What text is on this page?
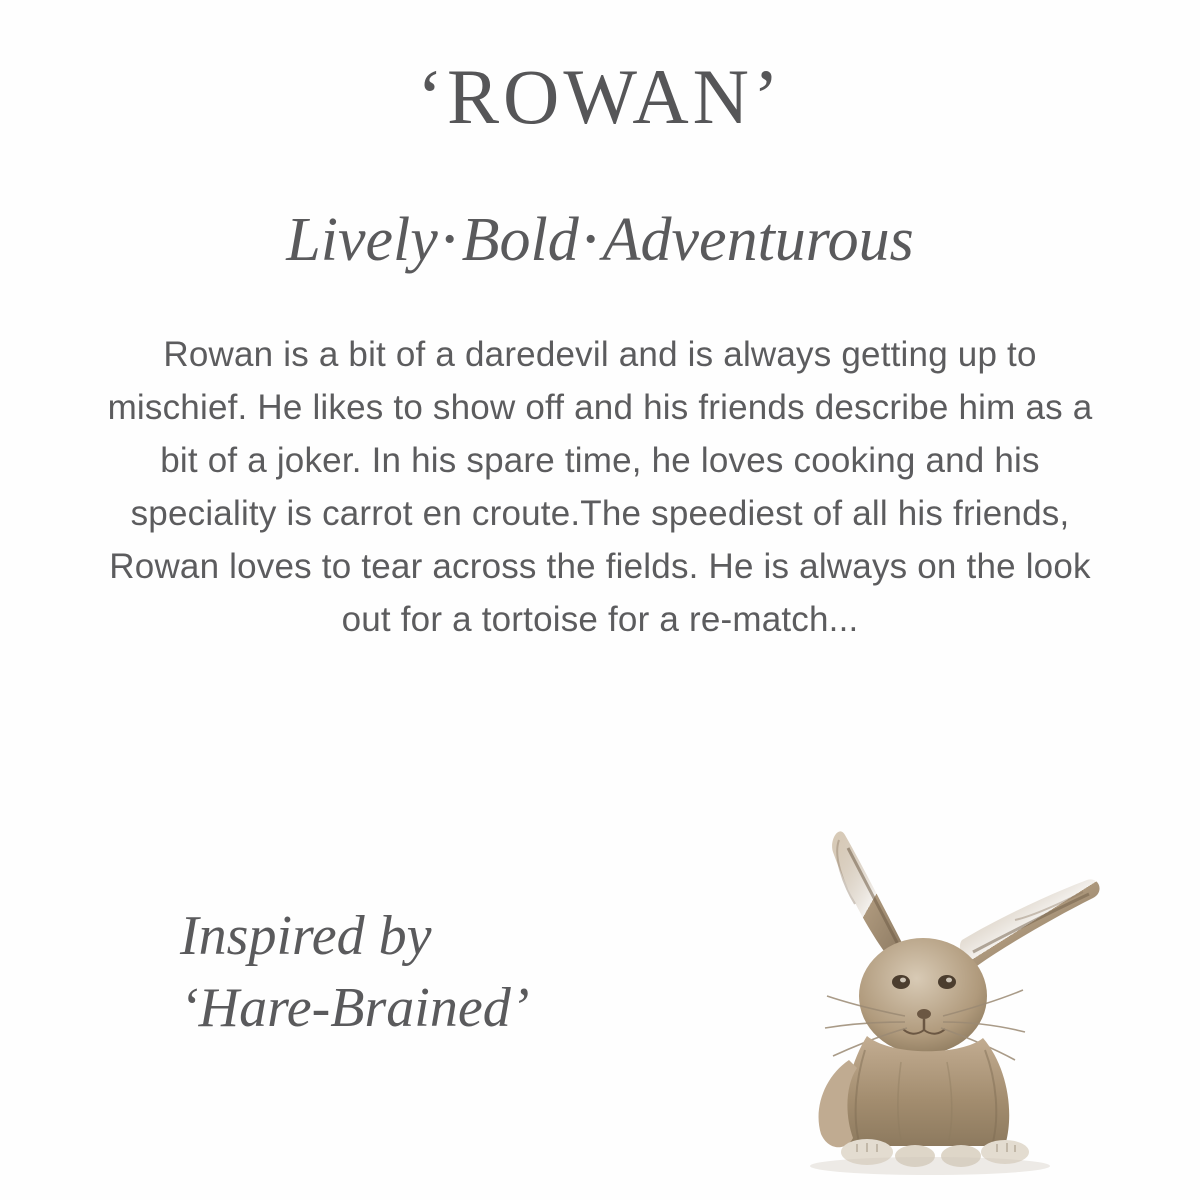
‘ROWAN’
Lively •Bold •Adventurous
Rowan is a bit of a daredevil and is always getting up to mischief. He likes to show off and his friends describe him as a bit of a joker. In his spare time, he loves cooking and his speciality is carrot en croute.The speediest of all his friends, Rowan loves to tear across the fields. He is always on the look out for a tortoise for a re-match...
Inspired by
‘Hare-Brained’
